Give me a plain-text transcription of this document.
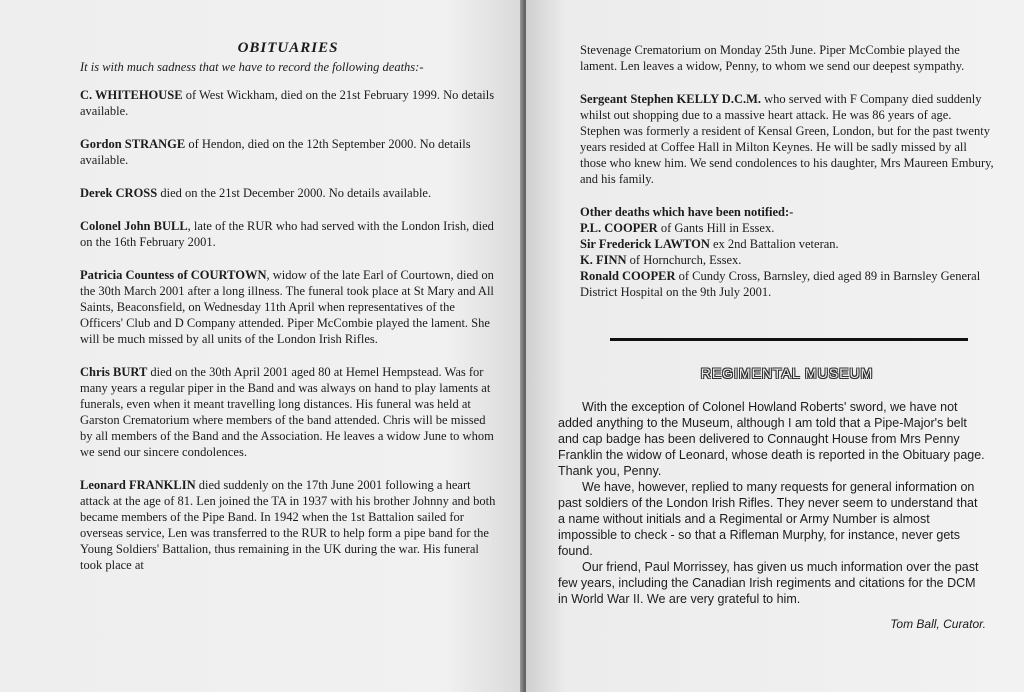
OBITUARIES

It is with much sadness that we have to record the following deaths:-

C. WHITEHOUSE of West Wickham, died on the 21st February 1999. No details available.

Gordon STRANGE of Hendon, died on the 12th September 2000. No details available.

Derek CROSS died on the 21st December 2000. No details available.

Colonel John BULL, late of the RUR who had served with the London Irish, died on the 16th February 2001.

Patricia Countess of COURTOWN, widow of the late Earl of Courtown, died on the 30th March 2001 after a long illness. The funeral took place at St Mary and All Saints, Beaconsfield, on Wednesday 11th April when representatives of the Officers' Club and D Company attended. Piper McCombie played the lament. She will be much missed by all units of the London Irish Rifles.

Chris BURT died on the 30th April 2001 aged 80 at Hemel Hempstead. Was for many years a regular piper in the Band and was always on hand to play laments at funerals, even when it meant travelling long distances. His funeral was held at Garston Crematorium where members of the band attended. Chris will be missed by all members of the Band and the Association. He leaves a widow June to whom we send our sincere condolences.

Leonard FRANKLIN died suddenly on the 17th June 2001 following a heart attack at the age of 81. Len joined the TA in 1937 with his brother Johnny and both became members of the Pipe Band. In 1942 when the 1st Battalion sailed for overseas service, Len was transferred to the RUR to help form a pipe band for the Young Soldiers' Battalion, thus remaining in the UK during the war. His funeral took place at

Stevenage Crematorium on Monday 25th June. Piper McCombie played the lament. Len leaves a widow, Penny, to whom we send our deepest sympathy.

Sergeant Stephen KELLY D.C.M. who served with F Company died suddenly whilst out shopping due to a massive heart attack. He was 86 years of age. Stephen was formerly a resident of Kensal Green, London, but for the past twenty years resided at Coffee Hall in Milton Keynes. He will be sadly missed by all those who knew him. We send condolences to his daughter, Mrs Maureen Embury, and his family.

Other deaths which have been notified:-

P.L. COOPER of Gants Hill in Essex.

Sir Frederick LAWTON ex 2nd Battalion veteran.

K. FINN of Hornchurch, Essex.

Ronald COOPER of Cundy Cross, Barnsley, died aged 89 in Barnsley General District Hospital on the 9th July 2001.

REGIMENTAL MUSEUM

With the exception of Colonel Howland Roberts' sword, we have not added anything to the Museum, although I am told that a Pipe-Major's belt and cap badge has been delivered to Connaught House from Mrs Penny Franklin the widow of Leonard, whose death is reported in the Obituary page. Thank you, Penny.

We have, however, replied to many requests for general information on past soldiers of the London Irish Rifles. They never seem to understand that a name without initials and a Regimental or Army Number is almost impossible to check - so that a Rifleman Murphy, for instance, never gets found.

Our friend, Paul Morrissey, has given us much information over the past few years, including the Canadian Irish regiments and citations for the DCM in World War II. We are very grateful to him.

Tom Ball, Curator.
